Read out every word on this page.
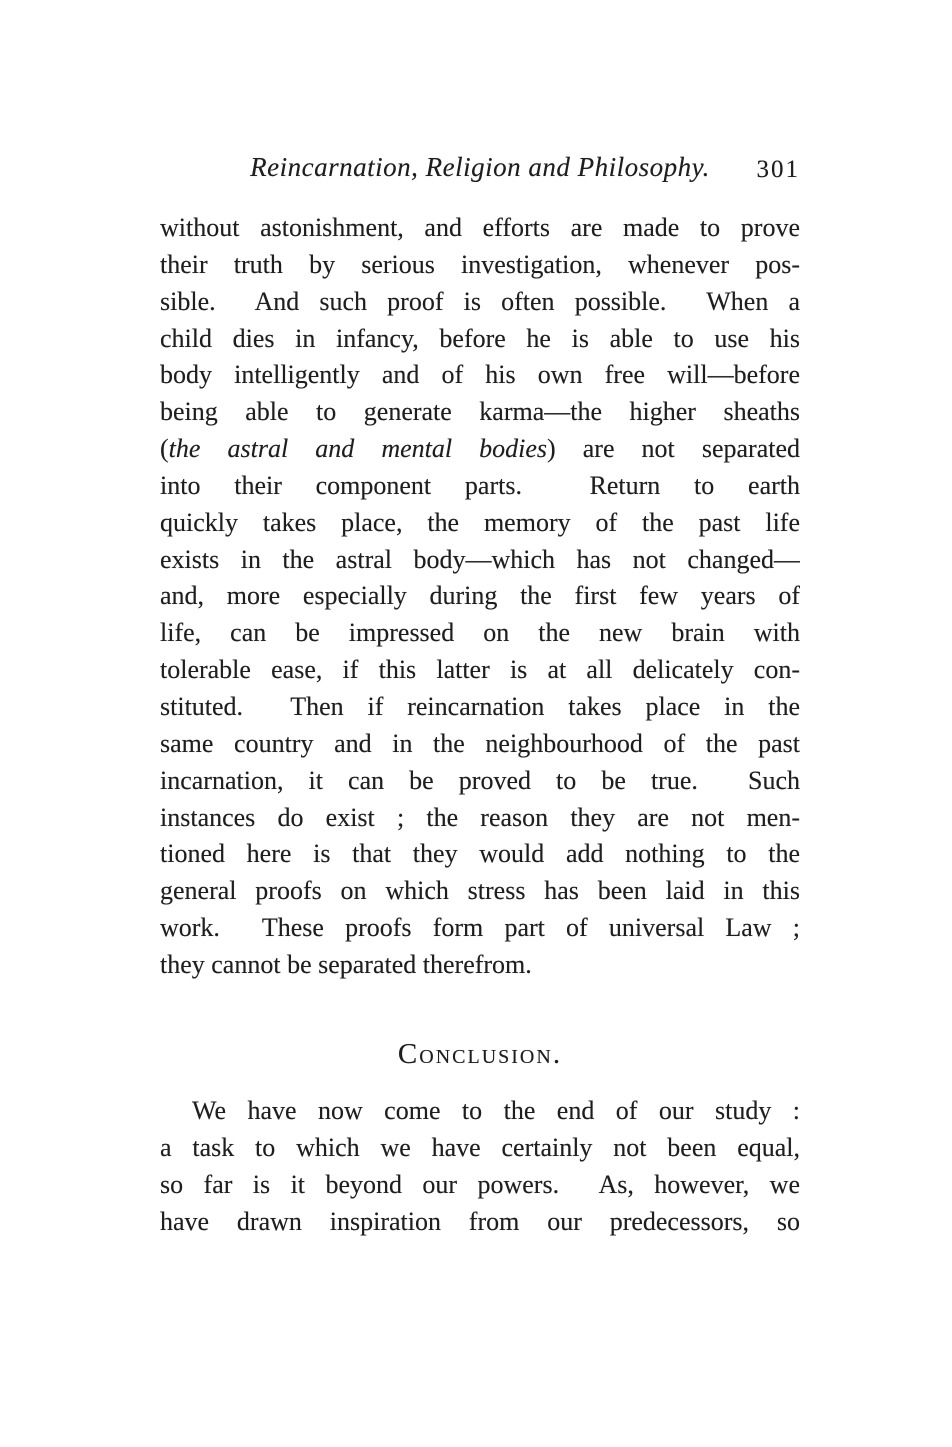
Reincarnation, Religion and Philosophy. 301
without astonishment, and efforts are made to prove
their truth by serious investigation, whenever pos-
sible.  And such proof is often possible.  When a
child dies in infancy, before he is able to use his
body intelligently and of his own free will—before
being able to generate karma—the higher sheaths
(the astral and mental bodies) are not separated
into their component parts.  Return to earth
quickly takes place, the memory of the past life
exists in the astral body—which has not changed—
and, more especially during the first few years of
life, can be impressed on the new brain with
tolerable ease, if this latter is at all delicately con-
stituted.  Then if reincarnation takes place in the
same country and in the neighbourhood of the past
incarnation, it can be proved to be true.  Such
instances do exist ; the reason they are not men-
tioned here is that they would add nothing to the
general proofs on which stress has been laid in this
work.  These proofs form part of universal Law ;
they cannot be separated therefrom.
Conclusion.
We have now come to the end of our study :
a task to which we have certainly not been equal,
so far is it beyond our powers.  As, however, we
have drawn inspiration from our predecessors, so
